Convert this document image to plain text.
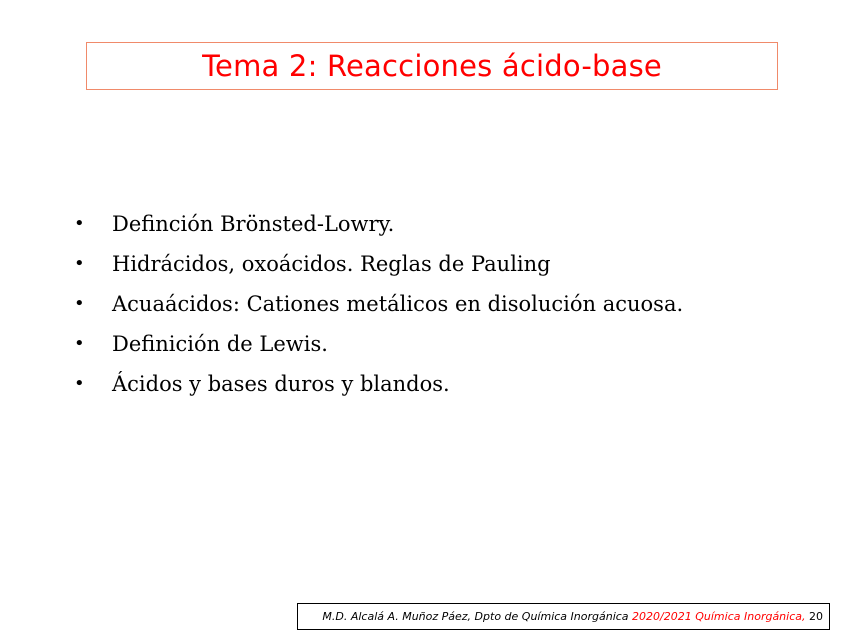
Tema 2: Reacciones ácido-base
•	Definción Brönsted-Lowry.
•	Hidrácidos, oxoácidos. Reglas de Pauling
•	Acuaácidos: Cationes metálicos en disolución acuosa.
•	Definición de Lewis.
•	Ácidos y bases duros y blandos.
M.D. Alcalá A. Muñoz Páez, Dpto de Química Inorgánica
2020/2021
Química Inorgánica,
20
